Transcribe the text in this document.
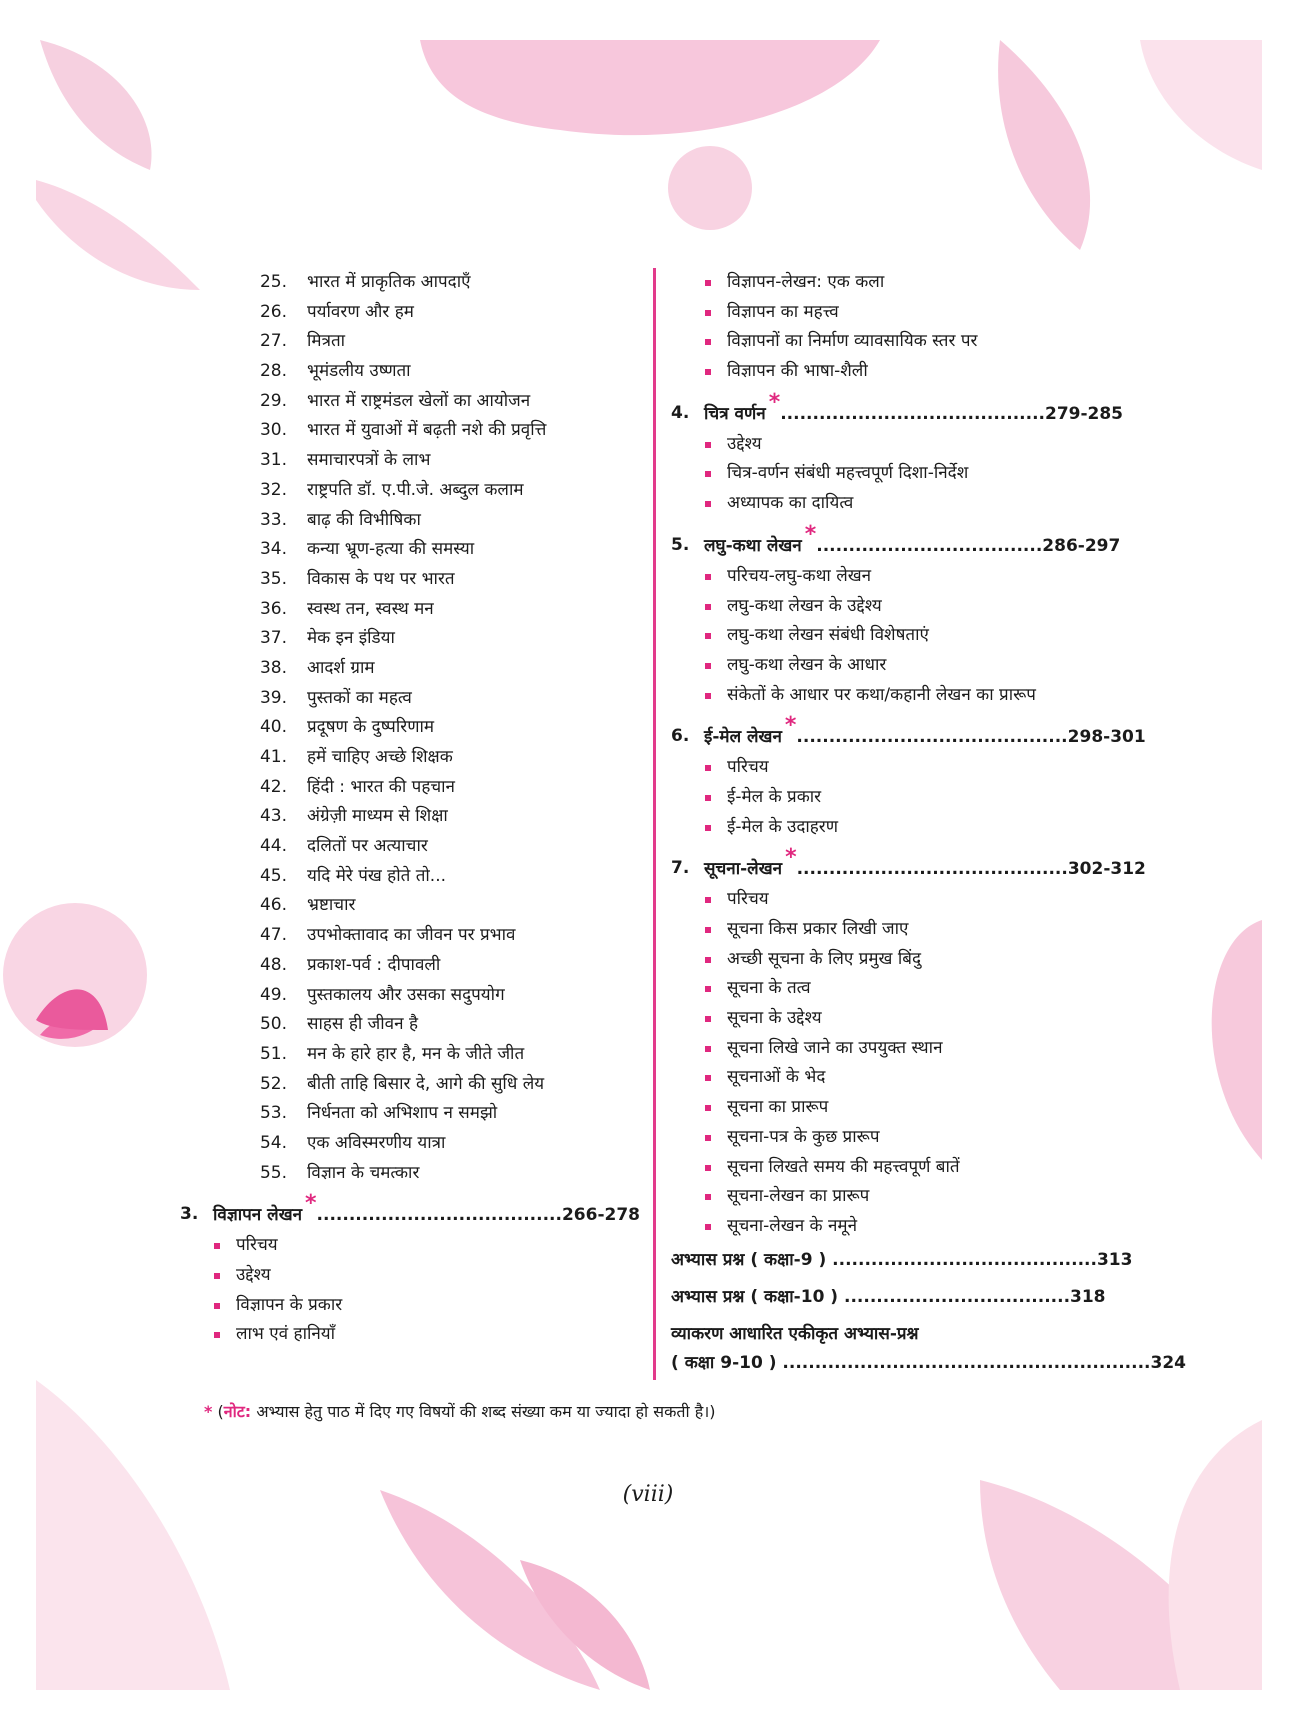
25. भारत में प्राकृतिक आपदाएँ
26. पर्यावरण और हम
27. मित्रता
28. भूमंडलीय उष्णता
29. भारत में राष्ट्रमंडल खेलों का आयोजन
30. भारत में युवाओं में बढ़ती नशे की प्रवृत्ति
31. समाचारपत्रों के लाभ
32. राष्ट्रपति डॉ. ए.पी.जे. अब्दुल कलाम
33. बाढ़ की विभीषिका
34. कन्या भ्रूण-हत्या की समस्या
35. विकास के पथ पर भारत
36. स्वस्थ तन, स्वस्थ मन
37. मेक इन इंडिया
38. आदर्श ग्राम
39. पुस्तकों का महत्व
40. प्रदूषण के दुष्परिणाम
41. हमें चाहिए अच्छे शिक्षक
42. हिंदी : भारत की पहचान
43. अंग्रेज़ी माध्यम से शिक्षा
44. दलितों पर अत्याचार
45. यदि मेरे पंख होते तो...
46. भ्रष्टाचार
47. उपभोक्तावाद का जीवन पर प्रभाव
48. प्रकाश-पर्व : दीपावली
49. पुस्तकालय और उसका सदुपयोग
50. साहस ही जीवन है
51. मन के हारे हार है, मन के जीते जीत
52. बीती ताहि बिसार दे, आगे की सुधि लेय
53. निर्धनता को अभिशाप न समझो
54. एक अविस्मरणीय यात्रा
55. विज्ञान के चमत्कार
3. विज्ञापन लेखन *......................................266-278
परिचय
उद्देश्य
विज्ञापन के प्रकार
लाभ एवं हानियाँ
विज्ञापन-लेखन: एक कला
विज्ञापन का महत्त्व
विज्ञापनों का निर्माण व्यावसायिक स्तर पर
विज्ञापन की भाषा-शैली
4. चित्र वर्णन *.........................................279-285
उद्देश्य
चित्र-वर्णन संबंधी महत्त्वपूर्ण दिशा-निर्देश
अध्यापक का दायित्व
5. लघु-कथा लेखन *...................................286-297
परिचय-लघु-कथा लेखन
लघु-कथा लेखन के उद्देश्य
लघु-कथा लेखन संबंधी विशेषताएं
लघु-कथा लेखन के आधार
संकेतों के आधार पर कथा/कहानी लेखन का प्रारूप
6. ई-मेल लेखन *..........................................298-301
परिचय
ई-मेल के प्रकार
ई-मेल के उदाहरण
7. सूचना-लेखन *..........................................302-312
परिचय
सूचना किस प्रकार लिखी जाए
अच्छी सूचना के लिए प्रमुख बिंदु
सूचना के तत्व
सूचना के उद्देश्य
सूचना लिखे जाने का उपयुक्त स्थान
सूचनाओं के भेद
सूचना का प्रारूप
सूचना-पत्र के कुछ प्रारूप
सूचना लिखते समय की महत्त्वपूर्ण बातें
सूचना-लेखन का प्रारूप
सूचना-लेखन के नमूने
अभ्यास प्रश्न ( कक्षा-9 ) .........................................313
अभ्यास प्रश्न ( कक्षा-10 ) ...................................318
व्याकरण आधारित एकीकृत अभ्यास-प्रश्न
( कक्षा 9-10 ) .........................................................324
* (नोट: अभ्यास हेतु पाठ में दिए गए विषयों की शब्द संख्या कम या ज्यादा हो सकती है।)
(viii)
